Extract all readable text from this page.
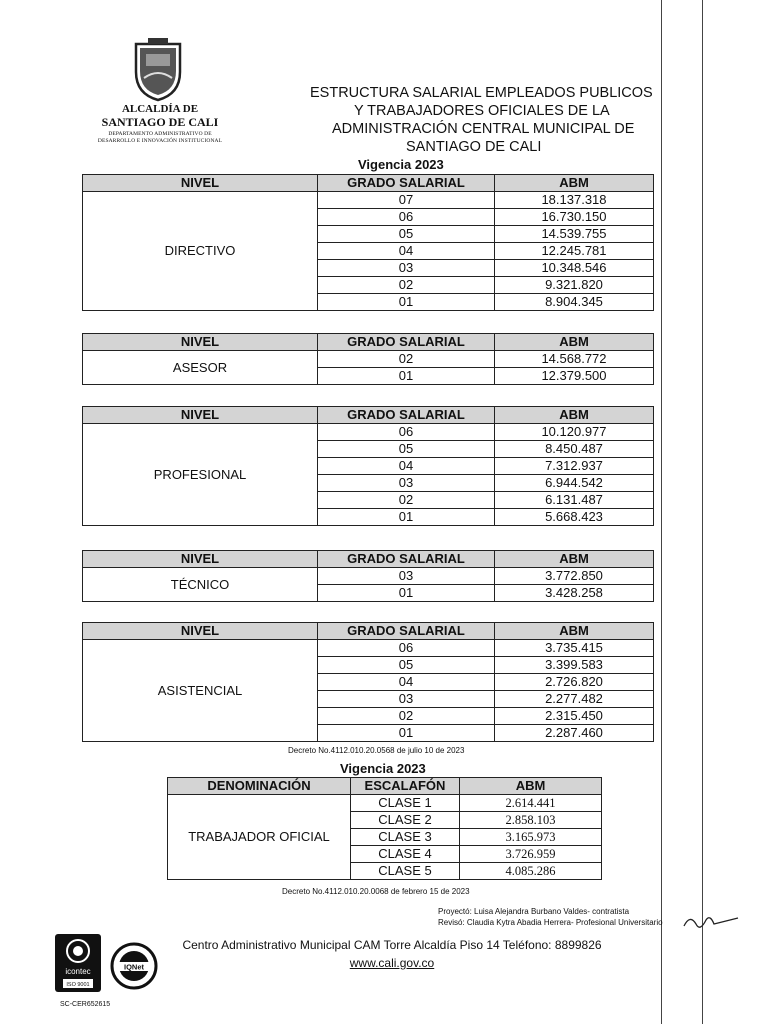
ALCALDÍA DE
SANTIAGO DE CALI
DEPARTAMENTO ADMINISTRATIVO DE
DESARROLLO E INNOVACIÓN INSTITUCIONAL
ESTRUCTURA SALARIAL EMPLEADOS PUBLICOS
Y TRABAJADORES OFICIALES DE LA
ADMINISTRACIÓN CENTRAL MUNICIPAL DE
SANTIAGO DE CALI
Vigencia 2023
NIVEL	GRADO SALARIAL	ABM
DIRECTIVO	07	18.137.318
	06	16.730.150
	05	14.539.755
	04	12.245.781
	03	10.348.546
	02	9.321.820
	01	8.904.345
NIVEL	GRADO SALARIAL	ABM
ASESOR	02	14.568.772
	01	12.379.500
NIVEL	GRADO SALARIAL	ABM
PROFESIONAL	06	10.120.977
	05	8.450.487
	04	7.312.937
	03	6.944.542
	02	6.131.487
	01	5.668.423
NIVEL	GRADO SALARIAL	ABM
TÉCNICO	03	3.772.850
	01	3.428.258
NIVEL	GRADO SALARIAL	ABM
ASISTENCIAL	06	3.735.415
	05	3.399.583
	04	2.726.820
	03	2.277.482
	02	2.315.450
	01	2.287.460
Decreto No.4112.010.20.0568 de julio 10 de 2023
Vigencia 2023
DENOMINACIÓN	ESCALAFÓN	ABM
TRABAJADOR OFICIAL	CLASE 1	2.614.441
	CLASE 2	2.858.103
	CLASE 3	3.165.973
	CLASE 4	3.726.959
	CLASE 5	4.085.286
Decreto No.4112.010.20.0068 de febrero 15 de 2023
Proyectó: Luisa Alejandra Burbano Valdes- contratista
Revisó: Claudia Kytra Abadia Herrera- Profesional Universitario
Centro Administrativo Municipal CAM Torre Alcaldía Piso 14 Teléfono: 8899826
www.cali.gov.co
icontec
ISO 9001
IQNet
SC-CER652615
